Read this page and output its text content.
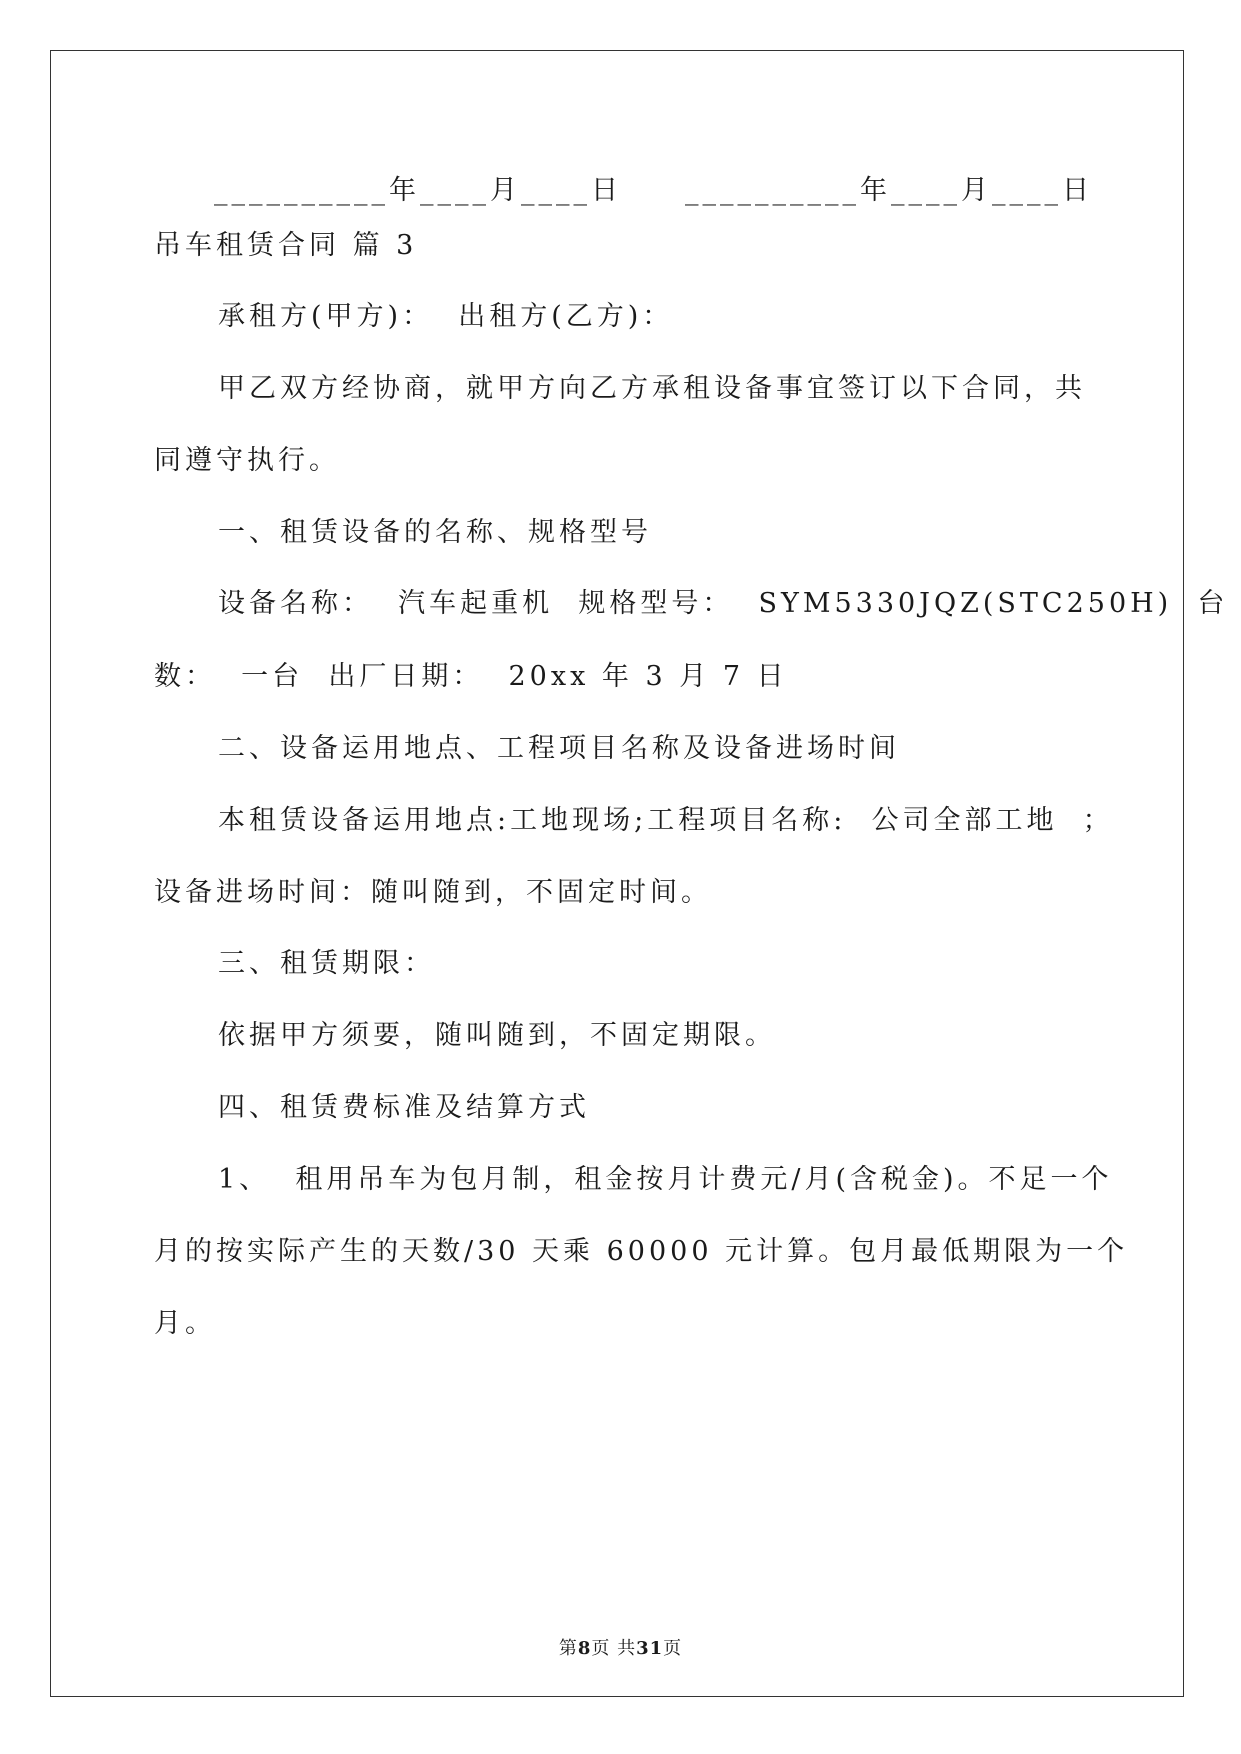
__________年____月____日 __________年____月____日
吊车租赁合同 篇 3
承租方(甲方)：  出租方(乙方)：
甲乙双方经协商，就甲方向乙方承租设备事宜签订以下合同，共
同遵守执行。
一、租赁设备的名称、规格型号
设备名称：  汽车起重机  规格型号：  SYM5330JQZ(STC250H)  台
数：  一台  出厂日期：  20xx 年 3 月 7 日
二、设备运用地点、工程项目名称及设备进场时间
本租赁设备运用地点:工地现场;工程项目名称:  公司全部工地  ；
设备进场时间：随叫随到，不固定时间。
三、租赁期限：
依据甲方须要，随叫随到，不固定期限。
四、租赁费标准及结算方式
1、  租用吊车为包月制，租金按月计费元/月(含税金)。不足一个
月的按实际产生的天数/30 天乘 60000 元计算。包月最低期限为一个
月。
第8页 共31页
